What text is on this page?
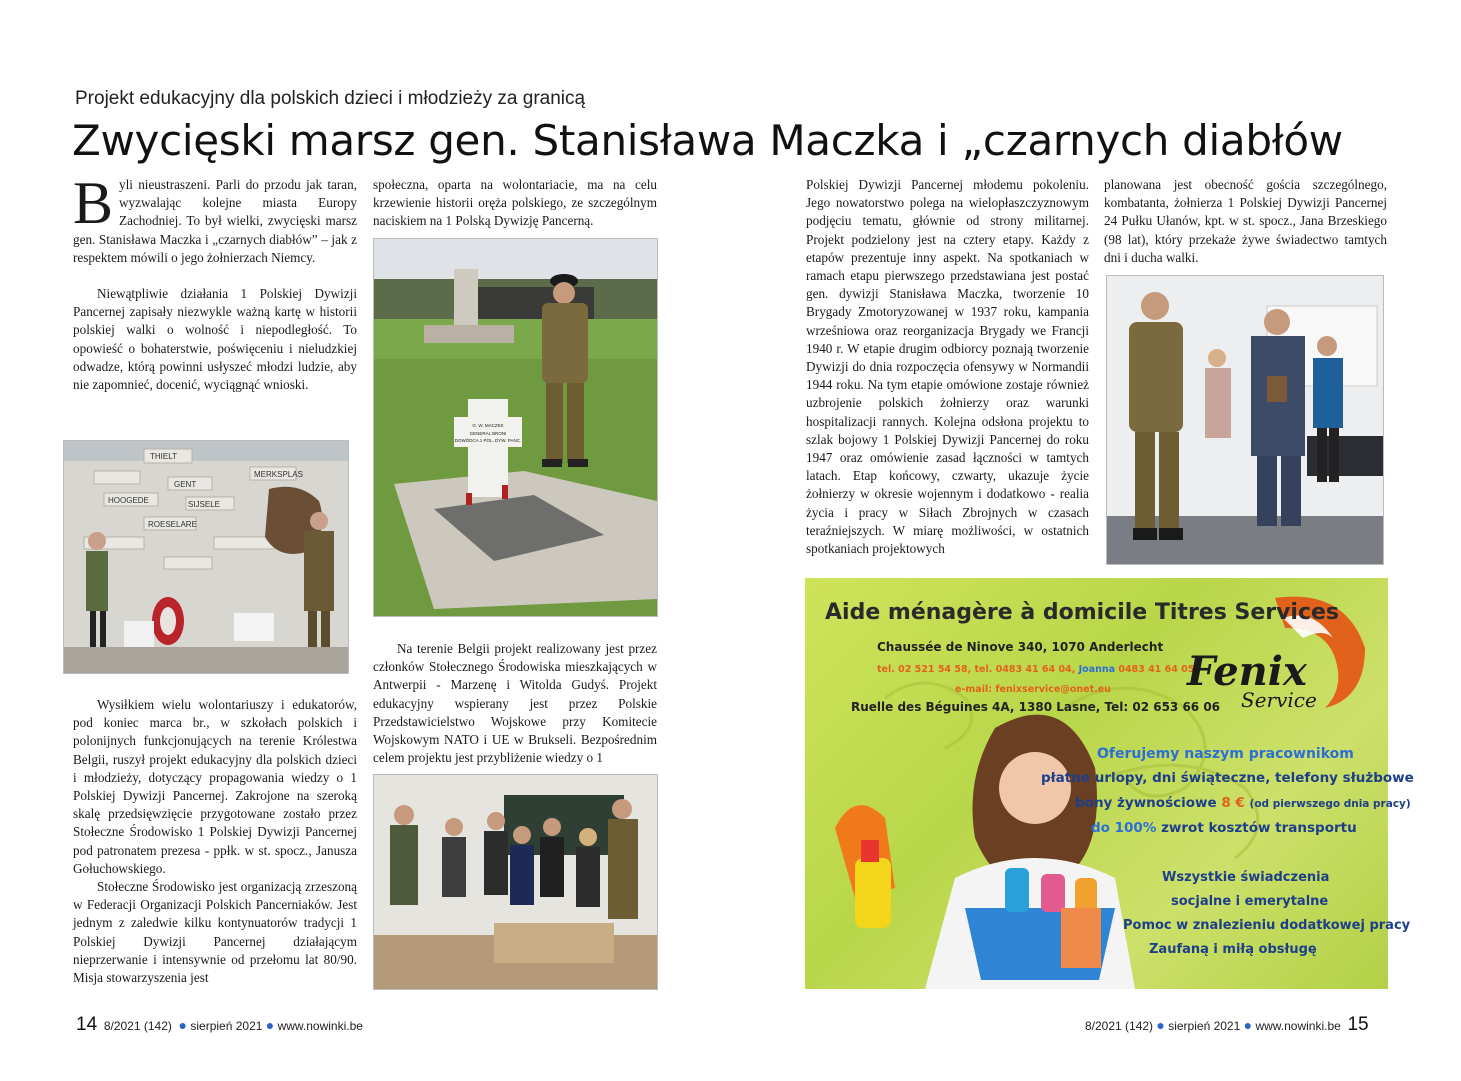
Projekt edukacyjny dla polskich dzieci i młodzieży za granicą
Zwycięski marsz gen. Stanisława Maczka i „czarnych diabłów

Byli nieustraszeni. Parli do przodu jak taran, wyzwalając kolejne miasta Europy Zachodniej. To był wielki, zwycięski marsz gen. Stanisława Maczka i „czarnych diabłów” – jak z respektem mówili o jego żołnierzach Niemcy.

Niewątpliwie działania 1 Polskiej Dywizji Pancernej zapisały niezwykle ważną kartę w historii polskiej walki o wolność i niepodległość. To opowieść o bohaterstwie, poświęceniu i nieludzkiej odwadze, którą powinni usłyszeć młodzi ludzie, aby nie zapomnieć, docenić, wyciągnąć wnioski.

THIELT
GENT
MERKSPLAS
HOOGEDE	SIJSELE
ROESELARE

Wysiłkiem wielu wolontariuszy i edukatorów, pod koniec marca br., w szkołach polskich i polonijnych funkcjonujących na terenie Królestwa Belgii, ruszył projekt edukacyjny dla polskich dzieci i młodzieży, dotyczący propagowania wiedzy o 1 Polskiej Dywizji Pancernej. Zakrojone na szeroką skalę przedsięwzięcie przygotowane zostało przez Stołeczne Środowisko 1 Polskiej Dywizji Pancernej pod patronatem prezesa - ppłk. w st. spocz., Janusza Gołuchowskiego.

Stołeczne Środowisko jest organizacją zrzeszoną w Federacji Organizacji Polskich Pancerniaków. Jest jednym z zaledwie kilku kontynuatorów tradycji 1 Polskiej Dywizji Pancernej działającym nieprzerwanie i intensywnie od przełomu lat 80/90. Misja stowarzyszenia jest

społeczna, oparta na wolontariacie, ma na celu krzewienie historii oręża polskiego, ze szczególnym naciskiem na 1 Polską Dywizję Pancerną.

G. W. MACZEK
GENERAL BRONI
DOWÓDCA 1 POL. DYW. PANC.

Na terenie Belgii projekt realizowany jest przez członków Stołecznego Środowiska mieszkających w Antwerpii - Marzenę i Witolda Gudyś. Projekt edukacyjny wspierany jest przez Polskie Przedstawicielstwo Wojskowe przy Komitecie Wojskowym NATO i UE w Brukseli. Bezpośrednim celem projektu jest przybliżenie wiedzy o 1

Polskiej Dywizji Pancernej młodemu pokoleniu. Jego nowatorstwo polega na wielopłaszczyznowym podjęciu tematu, głównie od strony militarnej. Projekt podzielony jest na cztery etapy. Każdy z etapów prezentuje inny aspekt. Na spotkaniach w ramach etapu pierwszego przedstawiana jest postać gen. dywizji Stanisława Maczka, tworzenie 10 Brygady Zmotoryzowanej w 1937 roku, kampania wrześniowa oraz reorganizacja Brygady we Francji 1940 r. W etapie drugim odbiorcy poznają tworzenie Dywizji do dnia rozpoczęcia ofensywy w Normandii 1944 roku. Na tym etapie omówione zostaje również uzbrojenie polskich żołnierzy oraz warunki hospitalizacji rannych. Kolejna odsłona projektu to szlak bojowy 1 Polskiej Dywizji Pancernej do roku 1947 oraz omówienie zasad łączności w tamtych latach. Etap końcowy, czwarty, ukazuje życie żołnierzy w okresie wojennym i dodatkowo - realia życia i pracy w Siłach Zbrojnych w czasach teraźniejszych. W miarę możliwości, w ostatnich spotkaniach projektowych

planowana jest obecność gościa szczególnego, kombatanta, żołnierza 1 Polskiej Dywizji Pancernej 24 Pułku Ułanów, kpt. w st. spocz., Jana Brzeskiego (98 lat), który przekaże żywe świadectwo tamtych dni i ducha walki.

Aide ménagère à domicile Titres Services
Chaussée de Ninove 340, 1070 Anderlecht
tel. 02 521 54 58, tel. 0483 41 64 04, Joanna 0483 41 64 05
e-mail: fenixservice@onet.eu
Ruelle des Béguines 4A, 1380 Lasne, Tel: 02 653 66 06
Fenix
Service
Oferujemy naszym pracownikom
płatne urlopy, dni świąteczne, telefony służbowe
bony żywnościowe 8 € (od pierwszego dnia pracy)
do 100% zwrot kosztów transportu
Wszystkie świadczenia
socjalne i emerytalne
Pomoc w znalezieniu dodatkowej pracy
Zaufaną i miłą obsługę
14 8/2021 (142) ● sierpień 2021 ● www.nowinki.be	8/2021 (142) ● sierpień 2021 ● www.nowinki.be 15
